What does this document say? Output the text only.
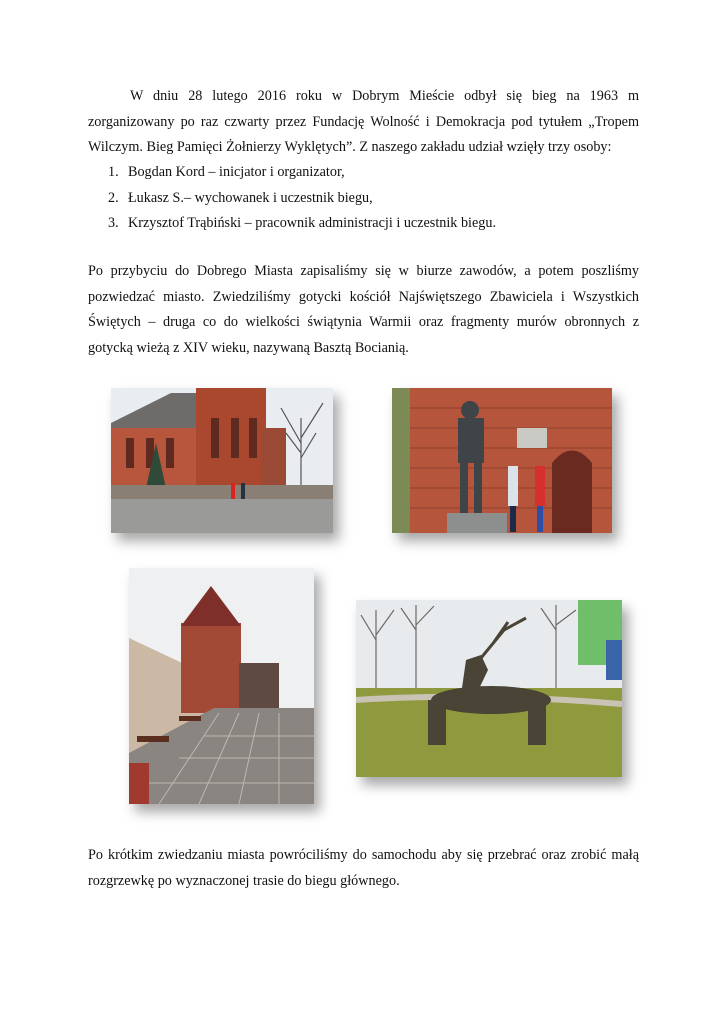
W dniu 28 lutego 2016 roku w Dobrym Mieście odbył się bieg na 1963 m zorganizowany po raz czwarty przez Fundację Wolność i Demokracja pod tytułem „Tropem Wilczym. Bieg Pamięci Żołnierzy Wyklętych”. Z naszego zakładu udział wzięły trzy osoby:

1. Bogdan Kord – inicjator i organizator,
2. Łukasz S.– wychowanek i uczestnik biegu,
3. Krzysztof Trąbiński – pracownik administracji i uczestnik biegu.

Po przybyciu do Dobrego Miasta zapisaliśmy się w biurze zawodów, a potem poszliśmy pozwiedzać miasto. Zwiedziliśmy gotycki kościół Najświętszego Zbawiciela i Wszystkich Świętych – druga co do wielkości świątynia Warmii oraz fragmenty murów obronnych z gotycką wieżą z XIV wieku, nazywaną Basztą Bocianią.

Po krótkim zwiedzaniu miasta powróciliśmy do samochodu aby się przebrać oraz zrobić małą rozgrzewkę po wyznaczonej trasie do biegu głównego.
